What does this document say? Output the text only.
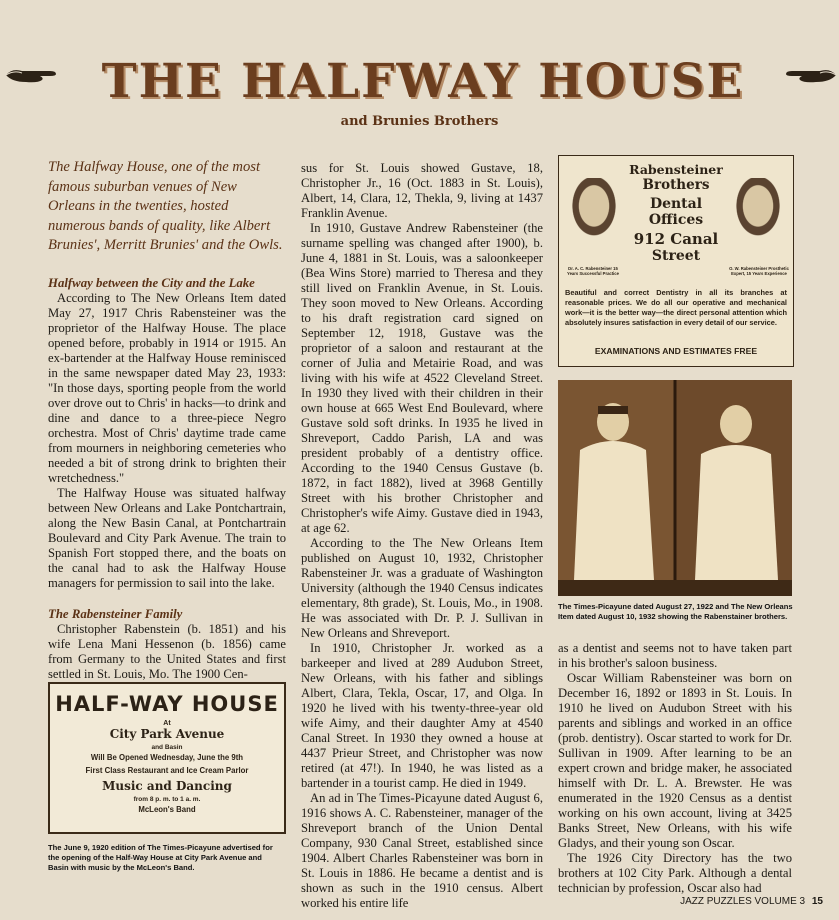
THE HALFWAY HOUSE
and Brunies Brothers

The Halfway House, one of the most famous suburban venues of New Orleans in the twenties, hosted numerous bands of quality, like Albert Brunies', Merritt Brunies' and the Owls.

Halfway between the City and the Lake

According to The New Orleans Item dated May 27, 1917 Chris Rabensteiner was the proprietor of the Halfway House. The place opened before, probably in 1914 or 1915. An ex-bartender at the Halfway House reminisced in the same newspaper dated May 23, 1933: "In those days, sporting people from the world over drove out to Chris' in hacks—to drink and dine and dance to a three-piece Negro orchestra. Most of Chris' daytime trade came from mourners in neighboring cemeteries who needed a bit of strong drink to brighten their wretchedness."

The Halfway House was situated halfway between New Orleans and Lake Pontchartrain, along the New Basin Canal, at Pontchartrain Boulevard and City Park Avenue. The train to Spanish Fort stopped there, and the boats on the canal had to ask the Halfway House managers for permission to sail into the lake.

The Rabensteiner Family

Christopher Rabenstein (b. 1851) and his wife Lena Mani Hessenon (b. 1856) came from Germany to the United States and first settled in St. Louis, Mo. The 1900 Cen-

HALF-WAY HOUSE
At
City Park Avenue
and Basin
Will Be Opened Wednesday, June the 9th
First Class Restaurant and Ice Cream Parlor
Music and Dancing
from 8 p. m. to 1 a. m.
McLeon's Band
The June 9, 1920 edition of The Times-Picayune advertised for the opening of the Half-Way House at City Park Avenue and Basin with music by the McLeon's Band.

sus for St. Louis showed Gustave, 18, Christopher Jr., 16 (Oct. 1883 in St. Louis), Albert, 14, Clara, 12, Thekla, 9, living at 1437 Franklin Avenue.

In 1910, Gustave Andrew Rabensteiner (the surname spelling was changed after 1900), b. June 4, 1881 in St. Louis, was a saloonkeeper (Bea Wins Store) married to Theresa and they still lived on Franklin Avenue, in St. Louis. They soon moved to New Orleans. According to his draft registration card signed on September 12, 1918, Gustave was the proprietor of a saloon and restaurant at the corner of Julia and Metairie Road, and was living with his wife at 4522 Cleveland Street. In 1930 they lived with their children in their own house at 665 West End Boulevard, where Gustave sold soft drinks. In 1935 he lived in Shreveport, Caddo Parish, LA and was president probably of a dentistry office. According to the 1940 Census Gustave (b. 1872, in fact 1882), lived at 3968 Gentilly Street with his brother Christopher and Christopher's wife Aimy. Gustave died in 1943, at age 62.

According to the The New Orleans Item published on August 10, 1932, Christopher Rabensteiner Jr. was a graduate of Washington University (although the 1940 Census indicates elementary, 8th grade), St. Louis, Mo., in 1908. He was associated with Dr. P. J. Sullivan in New Orleans and Shreveport.

In 1910, Christopher Jr. worked as a barkeeper and lived at 289 Audubon Street, New Orleans, with his father and siblings Albert, Clara, Tekla, Oscar, 17, and Olga. In 1920 he lived with his twenty-three-year old wife Aimy, and their daughter Amy at 4540 Canal Street. In 1930 they owned a house at 4437 Prieur Street, and Christopher was now retired (at 47!). In 1940, he was listed as a bartender in a tourist camp. He died in 1949.

An ad in The Times-Picayune dated August 6, 1916 shows A. C. Rabensteiner, manager of the Shreveport branch of the Union Dental Company, 930 Canal Street, established since 1904. Albert Charles Rabensteiner was born in St. Louis in 1886. He became a dentist and is shown as such in the 1910 census. Albert worked his entire life

Rabensteiner
Brothers
Dental
Offices
912 Canal
Street
Dr. A. C. Rabensteiner 15 Years Successful Practice
O. W. Rabensteiner Prosthetic Expert, 15 Years Experience
Beautiful and correct Dentistry in all its branches at reasonable prices. We do all our operative and mechanical work—it is the better way—the direct personal attention which absolutely insures satisfaction in every detail of our service.
EXAMINATIONS AND ESTIMATES FREE
The Times-Picayune dated August 27, 1922 and The New Orleans Item dated August 10, 1932 showing the Rabenstainer brothers.

as a dentist and seems not to have taken part in his brother's saloon business.

Oscar William Rabensteiner was born on December 16, 1892 or 1893 in St. Louis. In 1910 he lived on Audubon Street with his parents and siblings and worked in an office (prob. dentistry). Oscar started to work for Dr. Sullivan in 1909. After learning to be an expert crown and bridge maker, he associated himself with Dr. L. A. Brewster. He was enumerated in the 1920 Census as a dentist working on his own account, living at 3425 Banks Street, New Orleans, with his wife Gladys, and their young son Oscar.

The 1926 City Directory has the two brothers at 102 City Park. Although a dental technician by profession, Oscar also had

JAZZ PUZZLES VOLUME 3 15
